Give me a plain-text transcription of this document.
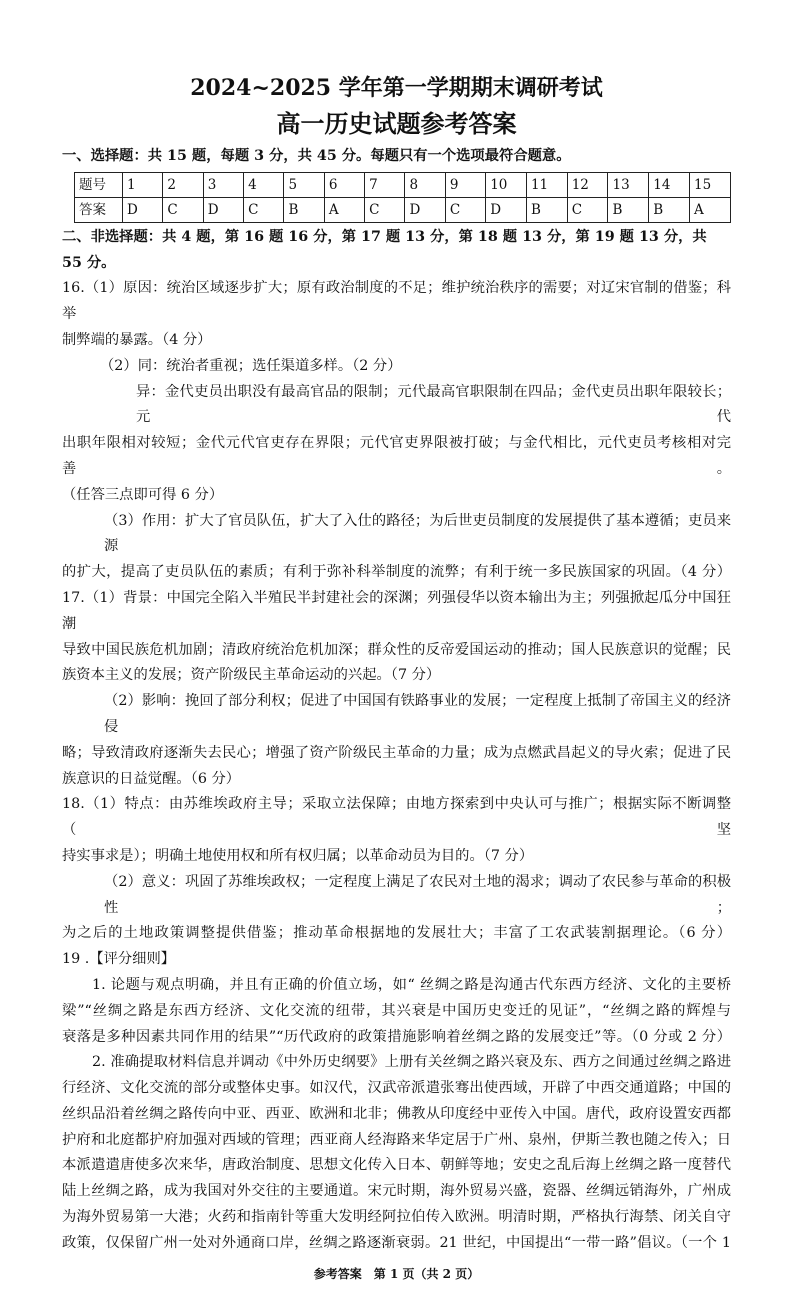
2024~2025 学年第一学期期末调研考试
高一历史试题参考答案
一、选择题：共 15 题，每题 3 分，共 45 分。每题只有一个选项最符合题意。
题号	1	2	3	4	5	6	7	8	9	10	11	12	13	14	15
答案	D	C	D	C	B	A	C	D	C	D	B	C	B	B	A
二、非选择题：共 4 题，第 16 题 16 分，第 17 题 13 分，第 18 题 13 分，第 19 题 13 分，共 55 分。
16.（1）原因：统治区域逐步扩大；原有政治制度的不足；维护统治秩序的需要；对辽宋官制的借鉴；科举
制弊端的暴露。（4 分）
（2）同：统治者重视；选任渠道多样。（2 分）
异：金代吏员出职没有最高官品的限制；元代最高官职限制在四品；金代吏员出职年限较长；元代
出职年限相对较短；金代元代官吏存在界限；元代官吏界限被打破；与金代相比，元代吏员考核相对完善。
（任答三点即可得 6 分）
（3）作用：扩大了官员队伍，扩大了入仕的路径；为后世吏员制度的发展提供了基本遵循；吏员来源
的扩大，提高了吏员队伍的素质；有利于弥补科举制度的流弊；有利于统一多民族国家的巩固。（4 分）
17.（1）背景：中国完全陷入半殖民半封建社会的深渊；列强侵华以资本输出为主；列强掀起瓜分中国狂潮
导致中国民族危机加剧；清政府统治危机加深；群众性的反帝爱国运动的推动；国人民族意识的觉醒；民
族资本主义的发展；资产阶级民主革命运动的兴起。（7 分）
（2）影响：挽回了部分利权；促进了中国国有铁路事业的发展；一定程度上抵制了帝国主义的经济侵
略；导致清政府逐渐失去民心；增强了资产阶级民主革命的力量；成为点燃武昌起义的导火索；促进了民
族意识的日益觉醒。（6 分）
18.（1）特点：由苏维埃政府主导；采取立法保障；由地方探索到中央认可与推广；根据实际不断调整（坚
持实事求是）；明确土地使用权和所有权归属；以革命动员为目的。（7 分）
（2）意义：巩固了苏维埃政权；一定程度上满足了农民对土地的渴求；调动了农民参与革命的积极性；
为之后的土地政策调整提供借鉴；推动革命根据地的发展壮大；丰富了工农武装割据理论。（6 分）
19 .【评分细则】
1. 论题与观点明确，并且有正确的价值立场，如“ 丝绸之路是沟通古代东西方经济、文化的主要桥
梁”“丝绸之路是东西方经济、文化交流的纽带，其兴衰是中国历史变迁的见证”，“丝绸之路的辉煌与
衰落是多种因素共同作用的结果”“历代政府的政策措施影响着丝绸之路的发展变迁”等。（0 分或 2 分）
2. 准确提取材料信息并调动《中外历史纲要》上册有关丝绸之路兴衰及东、西方之间通过丝绸之路进
行经济、文化交流的部分或整体史事。如汉代，汉武帝派遣张骞出使西域，开辟了中西交通道路；中国的
丝织品沿着丝绸之路传向中亚、西亚、欧洲和北非；佛教从印度经中亚传入中国。唐代，政府设置安西都
护府和北庭都护府加强对西域的管理；西亚商人经海路来华定居于广州、泉州，伊斯兰教也随之传入；日
本派遣遣唐使多次来华，唐政治制度、思想文化传入日本、朝鲜等地；安史之乱后海上丝绸之路一度替代
陆上丝绸之路，成为我国对外交往的主要通道。宋元时期，海外贸易兴盛，瓷器、丝绸远销海外，广州成
为海外贸易第一大港；火药和指南针等重大发明经阿拉伯传入欧洲。明清时期，严格执行海禁、闭关自守
政策，仅保留广州一处对外通商口岸，丝绸之路逐渐衰弱。21 世纪，中国提出“一带一路”倡议。（一个 1
参考答案　第 1 页（共 2 页）
